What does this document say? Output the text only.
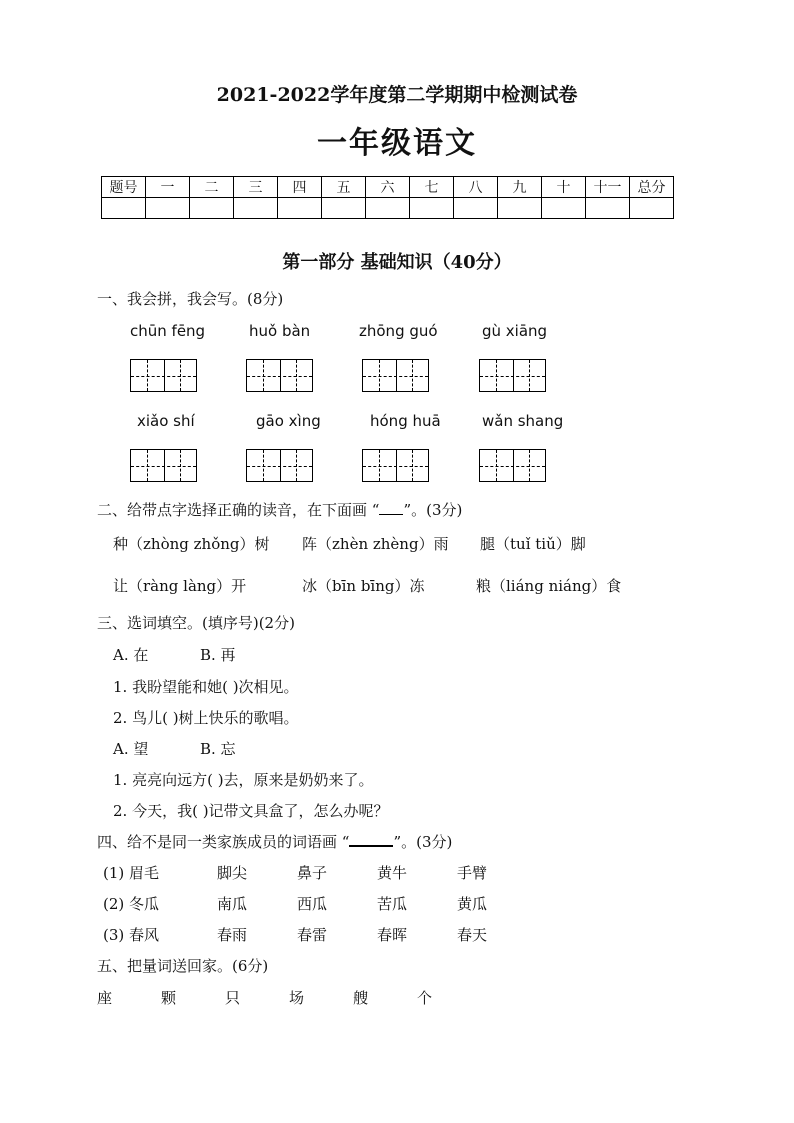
2021-2022学年度第二学期期中检测试卷
一年级语文
题号	一	二	三	四	五	六	七	八	九	十	十一	总分

第一部分 基础知识（40分）
一、我会拼，我会写。(8分)
chūn fēng	huǒ bàn	zhōng guó	gù xiāng
xiǎo shí	gāo xìng	hóng huā	wǎn shang
二、给带点字选择正确的读音，在下面画 “ ”。(3分)
种（zhòng zhǒng）树 阵（zhèn zhèng）雨 腿（tuǐ tiǔ）脚
让（ràng làng）开	冰（bīn bīng）冻	粮（liáng niáng）食
三、选词填空。(填序号)(2分)
A. 在	B. 再
1. 我盼望能和她( )次相见。
2. 鸟儿( )树上快乐的歌唱。
A. 望	B. 忘
1. 亮亮向远方( )去，原来是奶奶来了。
2. 今天，我( )记带文具盒了，怎么办呢？
四、给不是同一类家族成员的词语画 “	”。(3分)
(1) 眉毛	脚尖	鼻子	黄牛	手臂
(2) 冬瓜	南瓜	西瓜	苦瓜	黄瓜
(3) 春风	春雨	春雷	春晖	春天
五、把量词送回家。(6分)
座	颗	只	场	艘	个
